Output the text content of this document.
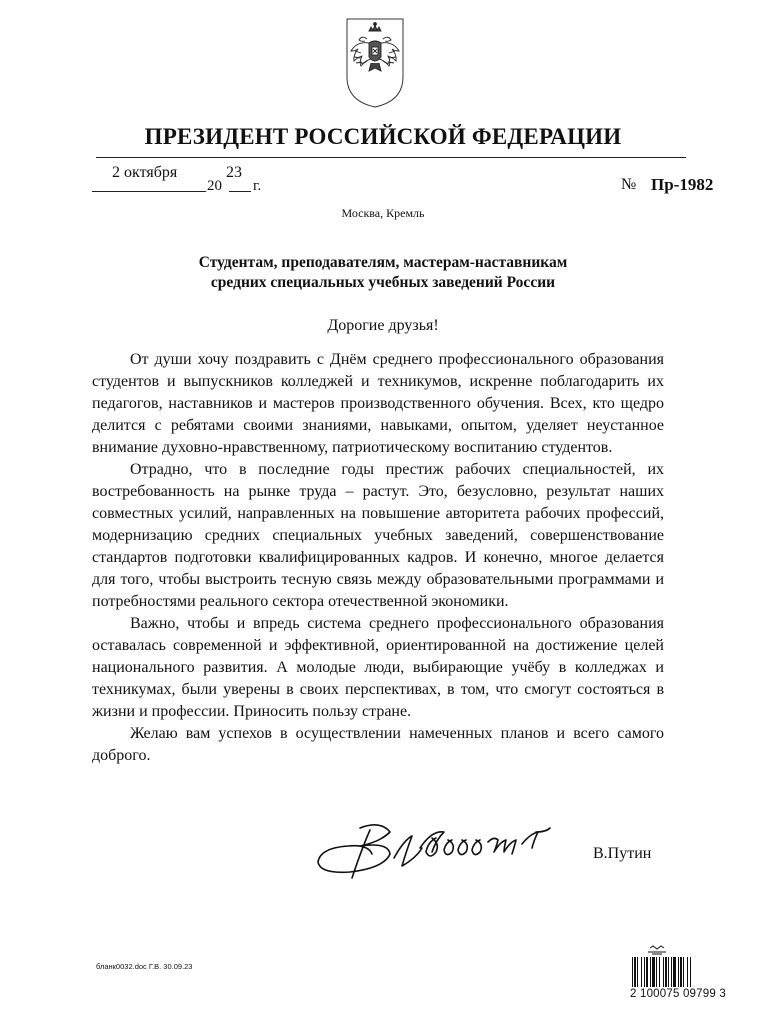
ПРЕЗИДЕНТ РОССИЙСКОЙ ФЕДЕРАЦИИ
2 октября	23
20 г.	№ Пр-1982
Москва, Кремль
Студентам, преподавателям, мастерам-наставникам
средних специальных учебных заведений России
Дорогие друзья!

От души хочу поздравить с Днём среднего профессионального образования студентов и выпускников колледжей и техникумов, искренне поблагодарить их педагогов, наставников и мастеров производственного обучения. Всех, кто щедро делится с ребятами своими знаниями, навыками, опытом, уделяет неустанное внимание духовно-нравственному, патриотическому воспитанию студентов.

Отрадно, что в последние годы престиж рабочих специальностей, их востребованность на рынке труда – растут. Это, безусловно, результат наших совместных усилий, направленных на повышение авторитета рабочих профессий, модернизацию средних специальных учебных заведений, совершенствование стандартов подготовки квалифицированных кадров. И конечно, многое делается для того, чтобы выстроить тесную связь между образовательными программами и потребностями реального сектора отечественной экономики.

Важно, чтобы и впредь система среднего профессионального образования оставалась современной и эффективной, ориентированной на достижение целей национального развития. А молодые люди, выбирающие учёбу в колледжах и техникумах, были уверены в своих перспективах, в том, что смогут состояться в жизни и профессии. Приносить пользу стране.

Желаю вам успехов в осуществлении намеченных планов и всего самого доброго.

В.Путин
бланк0032.doc Г.В. 30.09.23
2 100075 09799 3
